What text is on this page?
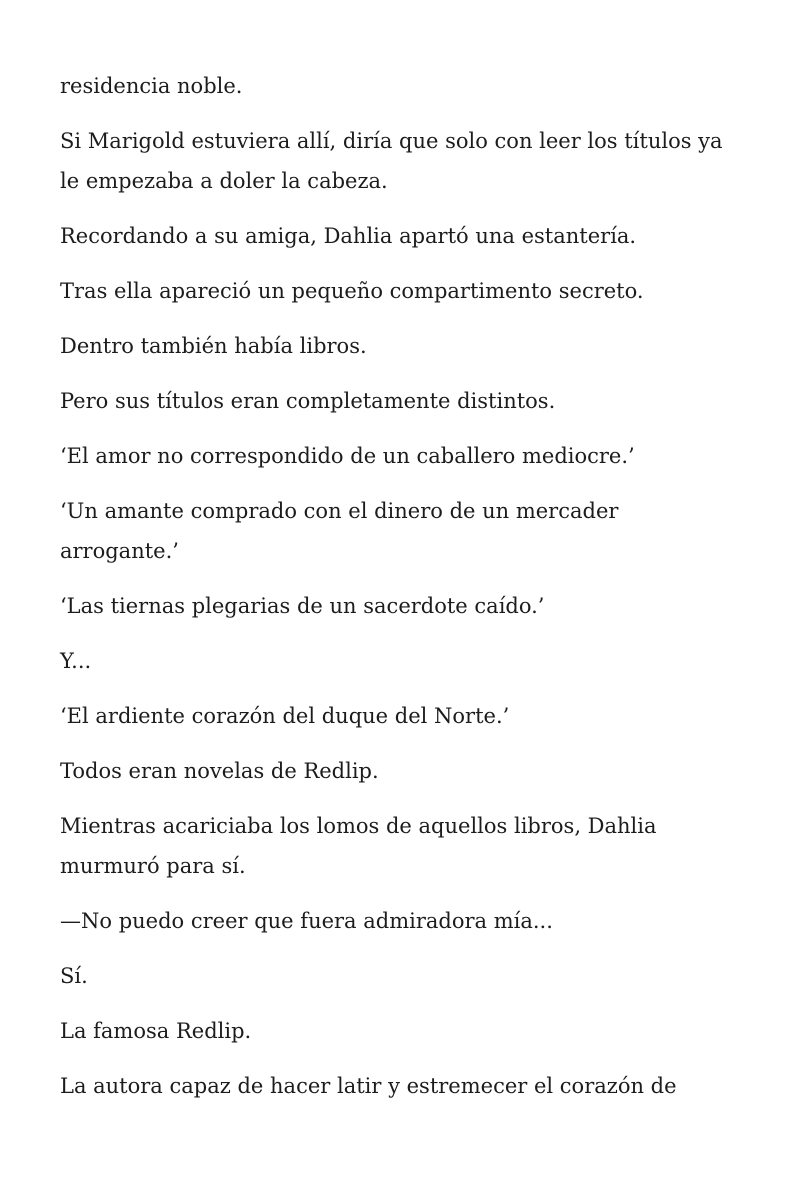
residencia noble.

Si Marigold estuviera allí, diría que solo con leer los títulos ya le empezaba a doler la cabeza.

Recordando a su amiga, Dahlia apartó una estantería.

Tras ella apareció un pequeño compartimento secreto.

Dentro también había libros.

Pero sus títulos eran completamente distintos.

‘El amor no correspondido de un caballero mediocre.’

‘Un amante comprado con el dinero de un mercader arrogante.’

‘Las tiernas plegarias de un sacerdote caído.’

Y...

‘El ardiente corazón del duque del Norte.’

Todos eran novelas de Redlip.

Mientras acariciaba los lomos de aquellos libros, Dahlia murmuró para sí.

—No puedo creer que fuera admiradora mía...

Sí.

La famosa Redlip.

La autora capaz de hacer latir y estremecer el corazón de
